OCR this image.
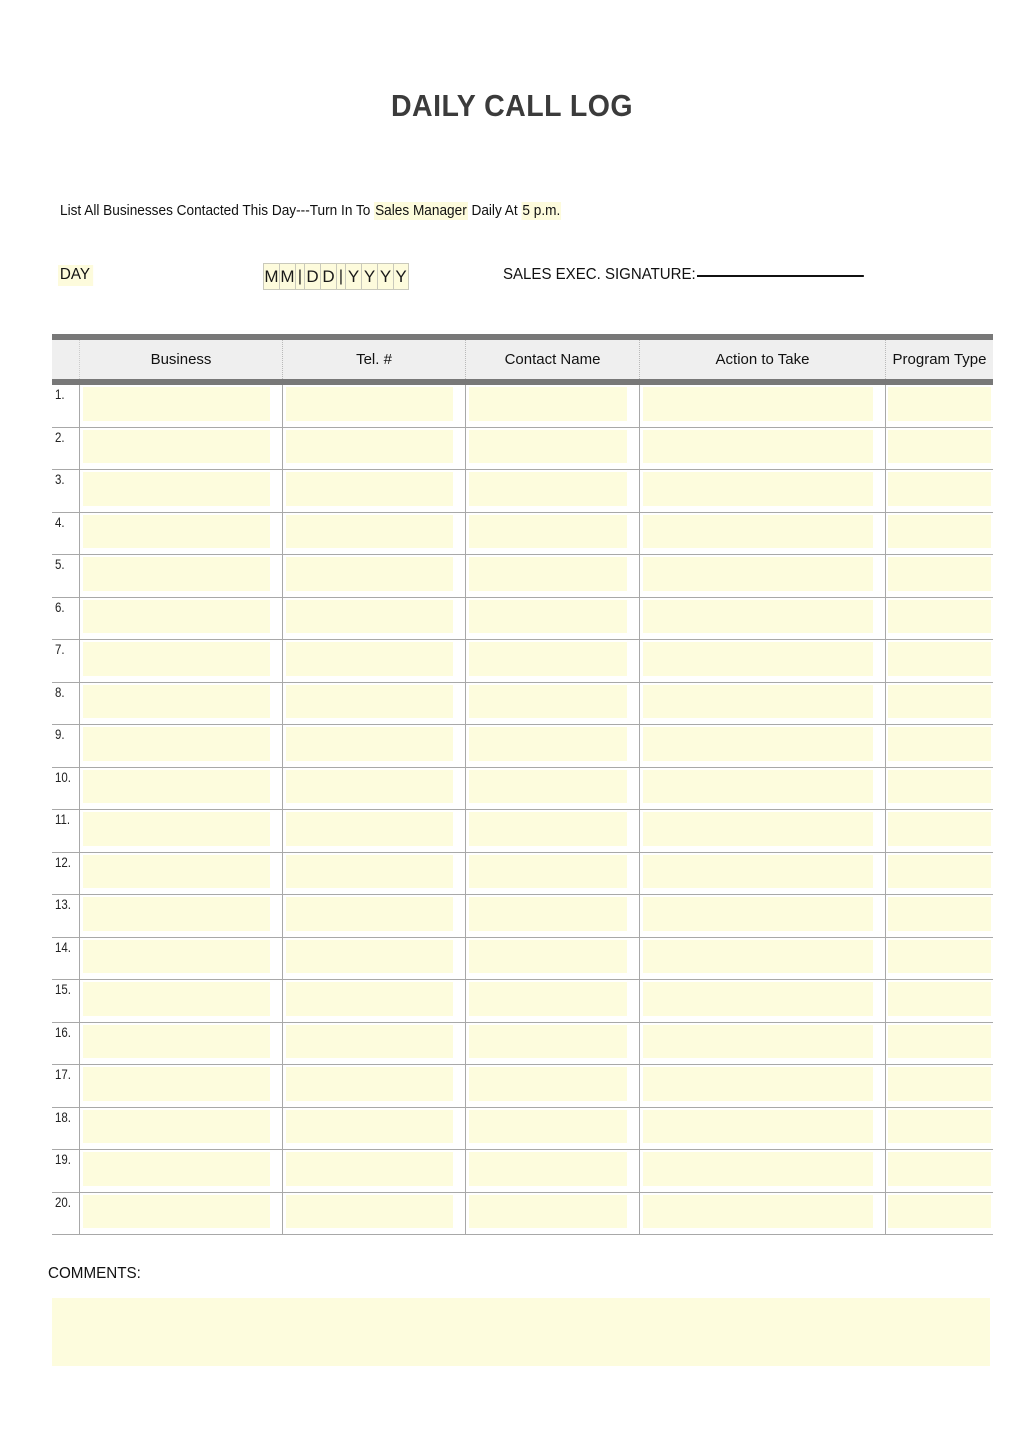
DAILY CALL LOG
List All Businesses Contacted This Day---Turn In To Sales Manager Daily At 5 p.m.
DAY	M M | D D | Y Y Y Y	SALES EXEC. SIGNATURE:
Business	Tel. #	Contact Name	Action to Take	Program Type
1.
2.
3.
4.
5.
6.
7.
8.
9.
10.
11.
12.
13.
14.
15.
16.
17.
18.
19.
20.
COMMENTS:
